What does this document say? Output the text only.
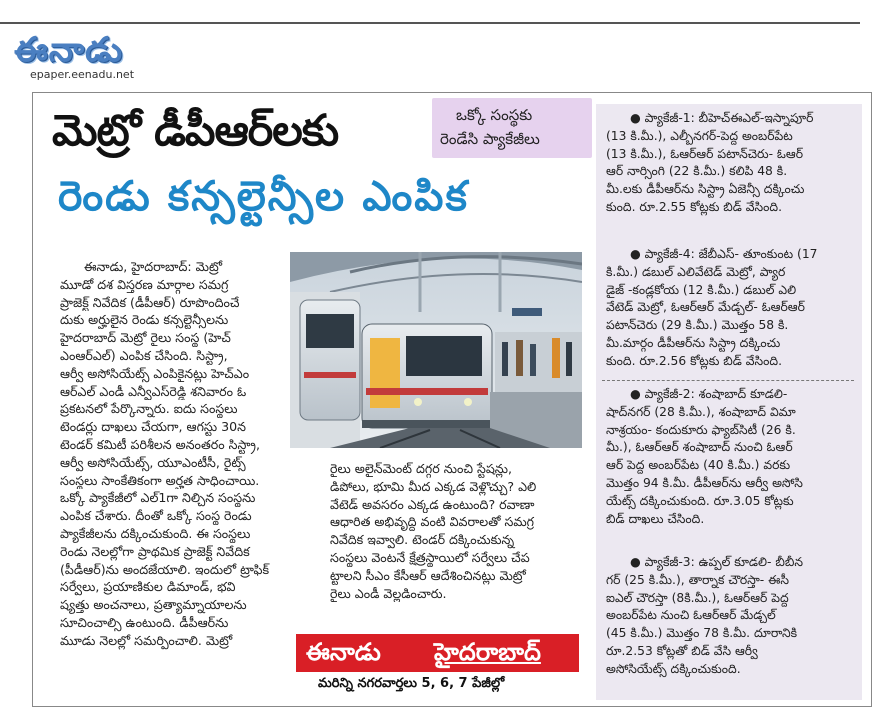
ఈనాడు
epaper.eenadu.net
మెట్రో డీపీఆర్‌లకు	ఒక్కో సంస్థకు
రెండేసి ప్యాకేజీలు
రెండు కన్సల్టెన్సీల ఎంపిక

ఈనాడు, హైదరాబాద్‌: మెట్రో

మూడో దశ విస్తరణ మార్గాల సమగ్ర

ప్రాజెక్ట్‌ నివేదిక (డీపీఆర్‌) రూపొందించే

దుకు అర్హులైన రెండు కన్సల్టెన్సీలను

హైదరాబాద్‌ మెట్రో రైలు సంస్థ (హెచ్‌

ఎంఆర్‌ఎల్‌) ఎంపిక చేసింది. సిస్ట్రా,

ఆర్వీ అసోసియేట్స్‌ ఎంపికైనట్లు హెచ్‌ఎం

ఆర్‌ఎల్‌ ఎండీ ఎన్వీఎస్‌రెడ్డి శనివారం ఓ

ప్రకటనలో పేర్కొన్నారు. ఐదు సంస్థలు

టెండర్లు దాఖలు చేయగా, ఆగస్టు 30న

టెండర్‌ కమిటీ పరిశీలన అనంతరం సిస్ట్రా,

ఆర్వీ అసోసియేట్స్‌, యూఎంటీసీ, రైట్స్‌

సంస్థలు సాంకేతికంగా అర్హత సాధించాయి.

ఒక్కో ప్యాకేజీలో ఎల్‌1గా నిల్చిన సంస్థను

ఎంపిక చేశారు. దీంతో ఒక్కో సంస్థ రెండు

ప్యాకేజీలను దక్కించుకుంది. ఈ సంస్థలు

రెండు నెలల్లోగా ప్రాథమిక ప్రాజెక్ట్‌ నివేదిక

(పీడీఆర్‌)ను అందజేయాలి. ఇందులో ట్రాఫిక్‌

సర్వేలు, ప్రయాణికుల డిమాండ్‌, భవి

ష్యత్తు అంచనాలు, ప్రత్యామ్నాయాలను

సూచించాల్సి ఉంటుంది. డీపీఆర్‌ను

మూడు నెలల్లో సమర్పించాలి. మెట్రో

రైలు అలైన్‌మెంట్‌ దగ్గర నుంచి స్టేషన్లు,

డిపోలు, భూమి మీద ఎక్కడ వెళ్లొచ్చు? ఎలి

వేటెడ్‌ అవసరం ఎక్కడ ఉంటుంది? రవాణా

ఆధారిత అభివృద్ధి వంటి వివరాలతో సమగ్ర

నివేదిక ఇవ్వాలి. టెండర్‌ దక్కించుకున్న

సంస్థలు వెంటనే క్షేత్రస్థాయిలో సర్వేలు చేప

ట్టాలని సీఎం కేసీఆర్‌ ఆదేశించినట్లు మెట్రో

రైలు ఎండీ వెల్లడించారు.

ఈనాడు హైదరాబాద్‌
మరిన్ని నగరవార్తలు 5, 6, 7 పేజీల్లో

● ప్యాకేజీ-1: బీహెచ్‌ఈఎల్‌-ఇస్నాపూర్‌

(13 కి.మీ.), ఎల్బీనగర్‌-పెద్ద అంబర్‌పేట

(13 కి.మీ.), ఓఆర్‌ఆర్‌ పటాన్‌చెరు- ఓఆర్‌

ఆర్‌ నార్సింగి (22 కి.మీ.) కలిపి 48 కి.

మీ.లకు డీపీఆర్‌ను సిస్ట్రా ఏజెన్సీ దక్కించు

కుంది. రూ.2.55 కోట్లకు బిడ్‌ వేసింది.

● ప్యాకేజీ-4: జేబీఎస్‌- తూంకుంట (17

కి.మీ.) డబుల్‌ ఎలివేటెడ్‌ మెట్రో, ప్యార

డైజ్‌ -కండ్లకోయ (12 కి.మీ.) డబుల్‌ ఎలి

వేటెడ్‌ మెట్రో, ఓఆర్‌ఆర్‌ మేడ్చల్‌- ఓఆర్‌ఆర్‌

పటాన్‌చెరు (29 కి.మీ.) మొత్తం 58 కి.

మీ.మార్గం డీపీఆర్‌ను సిస్ట్రా దక్కించు

కుంది. రూ.2.56 కోట్లకు బిడ్‌ వేసింది.

● ప్యాకేజీ-2: శంషాబాద్‌ కూడలి-

షాద్‌నగర్‌ (28 కి.మీ.), శంషాబాద్‌ విమా

నాశ్రయం- కందుకూరు ఫ్యాబ్‌సిటీ (26 కి.

మీ.), ఓఆర్‌ఆర్‌ శంషాబాద్‌ నుంచి ఓఆర్‌

ఆర్‌ పెద్ద అంబర్‌పేట (40 కి.మీ.) వరకు

మొత్తం 94 కి.మీ. డీపీఆర్‌ను ఆర్వీ అసోసి

యేట్స్‌ దక్కించుకుంది. రూ.3.05 కోట్లకు

బిడ్‌ దాఖలు చేసింది.

● ప్యాకేజీ-3: ఉప్పల్‌ కూడలి- బీబీన

గర్‌ (25 కి.మీ.), తార్నాక చౌరస్తా- ఈసీ

ఐఎల్‌ చౌరస్తా (8కి.మీ.), ఓఆర్‌ఆర్‌ పెద్ద

అంబర్‌పేట నుంచి ఓఆర్‌ఆర్‌ మేడ్చల్‌

(45 కి.మీ.) మొత్తం 78 కి.మీ. దూరానికి

రూ.2.53 కోట్లతో బిడ్‌ వేసి ఆర్వీ

అసోసియేట్స్‌ దక్కించుకుంది.
